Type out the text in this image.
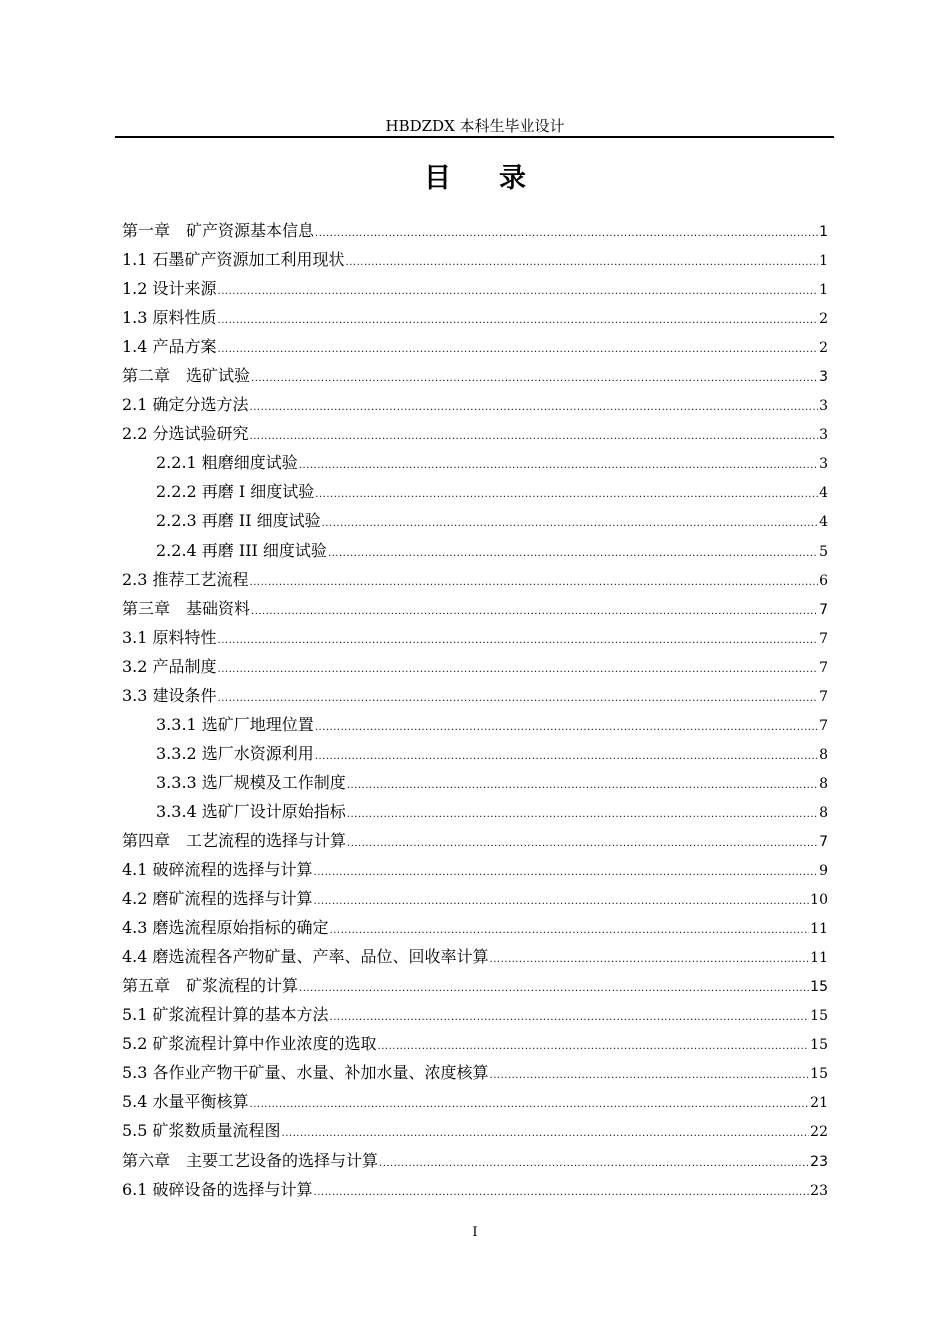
HBDZDX 本科生毕业设计
目 录
第一章　矿产资源基本信息 .....	1
1.1 石墨矿产资源加工利用现状 .....	1
1.2 设计来源 .....	1
1.3 原料性质 .....	2
1.4 产品方案 .....	2
第二章　选矿试验 .....	3
2.1 确定分选方法 .....	3
2.2 分选试验研究 .....	3
2.2.1 粗磨细度试验 .....	3
2.2.2 再磨 I 细度试验 .....	4
2.2.3 再磨 II 细度试验 .....	4
2.2.4 再磨 III 细度试验 .....	5
2.3 推荐工艺流程 .....	6
第三章　基础资料 .....	7
3.1 原料特性 .....	7
3.2 产品制度 .....	7
3.3 建设条件 .....	7
3.3.1 选矿厂地理位置 .....	7
3.3.2 选厂水资源利用 .....	8
3.3.3 选厂规模及工作制度 .....	8
3.3.4 选矿厂设计原始指标 .....	8
第四章　工艺流程的选择与计算 .....	7
4.1 破碎流程的选择与计算 .....	9
4.2 磨矿流程的选择与计算 .....	10
4.3 磨选流程原始指标的确定 .....	11
4.4 磨选流程各产物矿量、产率、品位、回收率计算 .....	11
第五章　矿浆流程的计算 .....	15
5.1 矿浆流程计算的基本方法 .....	15
5.2 矿浆流程计算中作业浓度的选取 .....	15
5.3 各作业产物干矿量、水量、补加水量、浓度核算 .....	15
5.4 水量平衡核算 .....	21
5.5 矿浆数质量流程图 .....	22
第六章　主要工艺设备的选择与计算 .....	23
6.1 破碎设备的选择与计算 .....	23
I
